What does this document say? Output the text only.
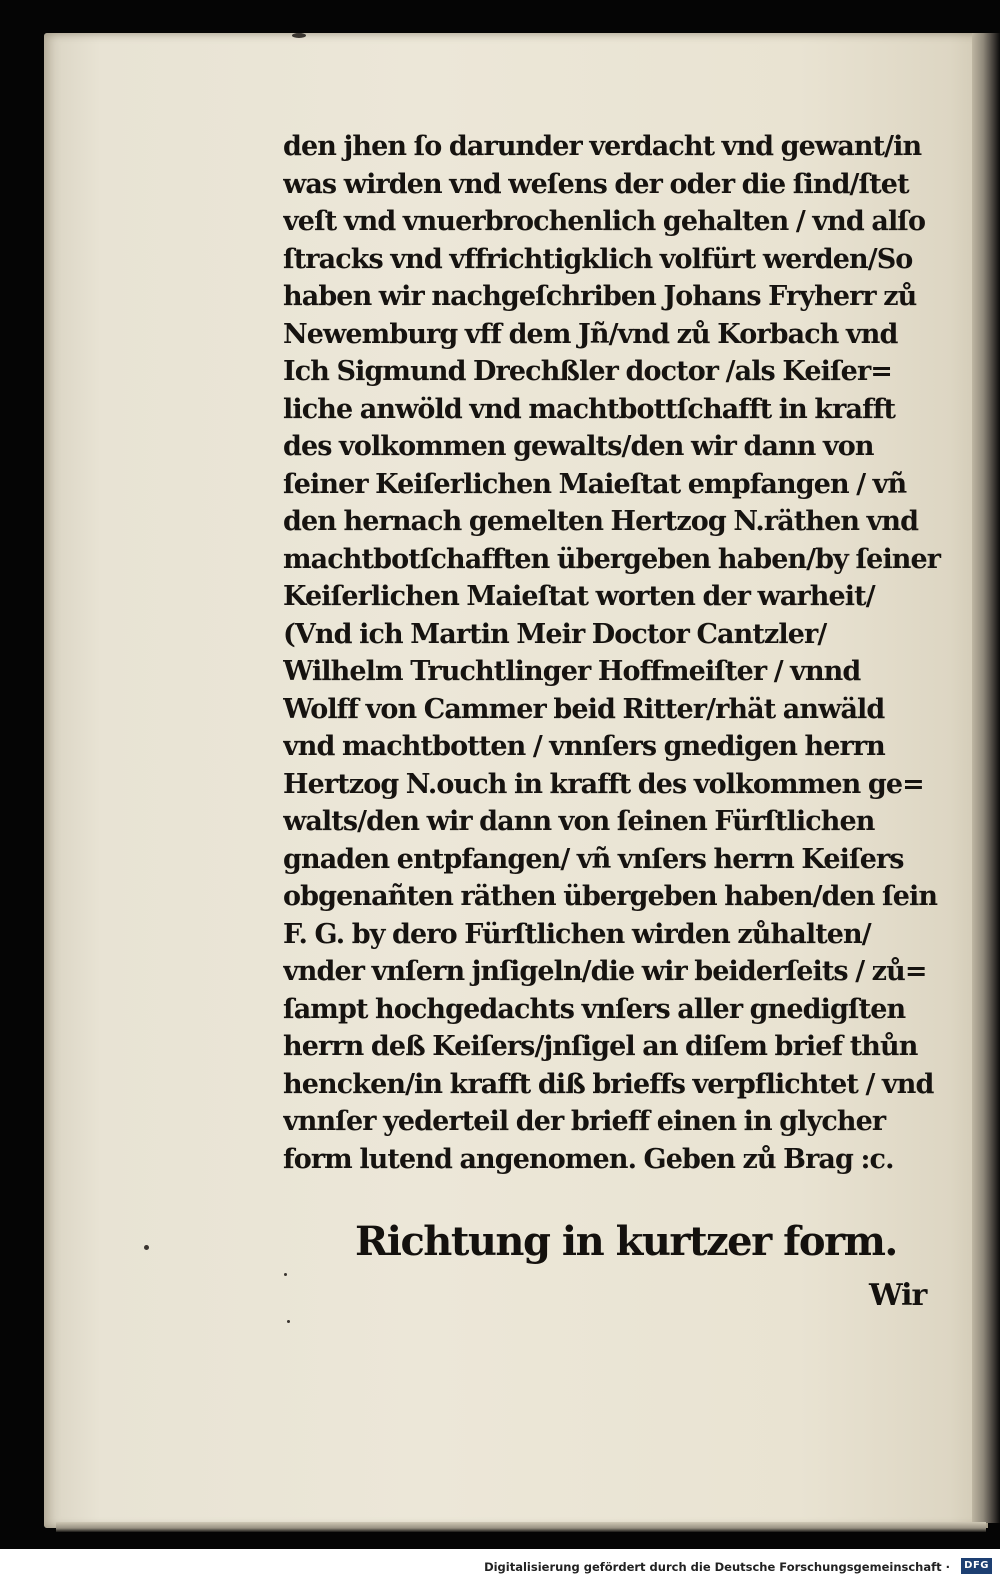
den jhen ſo darunder verdacht vnd gewant/in
was wirden vnd weſens der oder die ſind/ſtet
veſt vnd vnuerbrochenlich gehalten / vnd alſo
ſtracks vnd vffrichtigklich volfürt werden/So
haben wir nachgeſchriben Johans Fryherr zů
Newemburg vff dem Jñ/vnd zů Korbach vnd
Ich Sigmund Drechßler doctor /als Keiſer=
liche anwöld vnd machtbottſchafft in krafft
des volkommen gewalts/den wir dann von
ſeiner Keiſerlichen Maieſtat empfangen / vñ
den hernach gemelten Hertzog N.räthen vnd
machtbotſchafften übergeben haben/by ſeiner
Keiſerlichen Maieſtat worten der warheit/
(Vnd ich Martin Meir Doctor Cantzler/
Wilhelm Truchtlinger Hoffmeiſter / vnnd
Wolff von Cammer beid Ritter/rhät anwäld
vnd machtbotten / vnnſers gnedigen herrn
Hertzog N.ouch in krafft des volkommen ge=
walts/den wir dann von ſeinen Fürſtlichen
gnaden entpfangen/ vñ vnſers herrn Keiſers
obgenañten räthen übergeben haben/den ſein
F. G. by dero Fürſtlichen wirden zůhalten/
vnder vnſern jnſigeln/die wir beiderſeits / zů=
ſampt hochgedachts vnſers aller gnedigſten
herrn deß Keiſers/jnſigel an diſem brief thůn
hencken/in krafft diß brieffs verpflichtet / vnd
vnnſer yederteil der brieff einen in glycher
form lutend angenomen. Geben zů Brag :c.
Richtung in kurtzer form.
Wir
Digitalisierung gefördert durch die Deutsche Forschungsgemeinschaft ·	DFG
